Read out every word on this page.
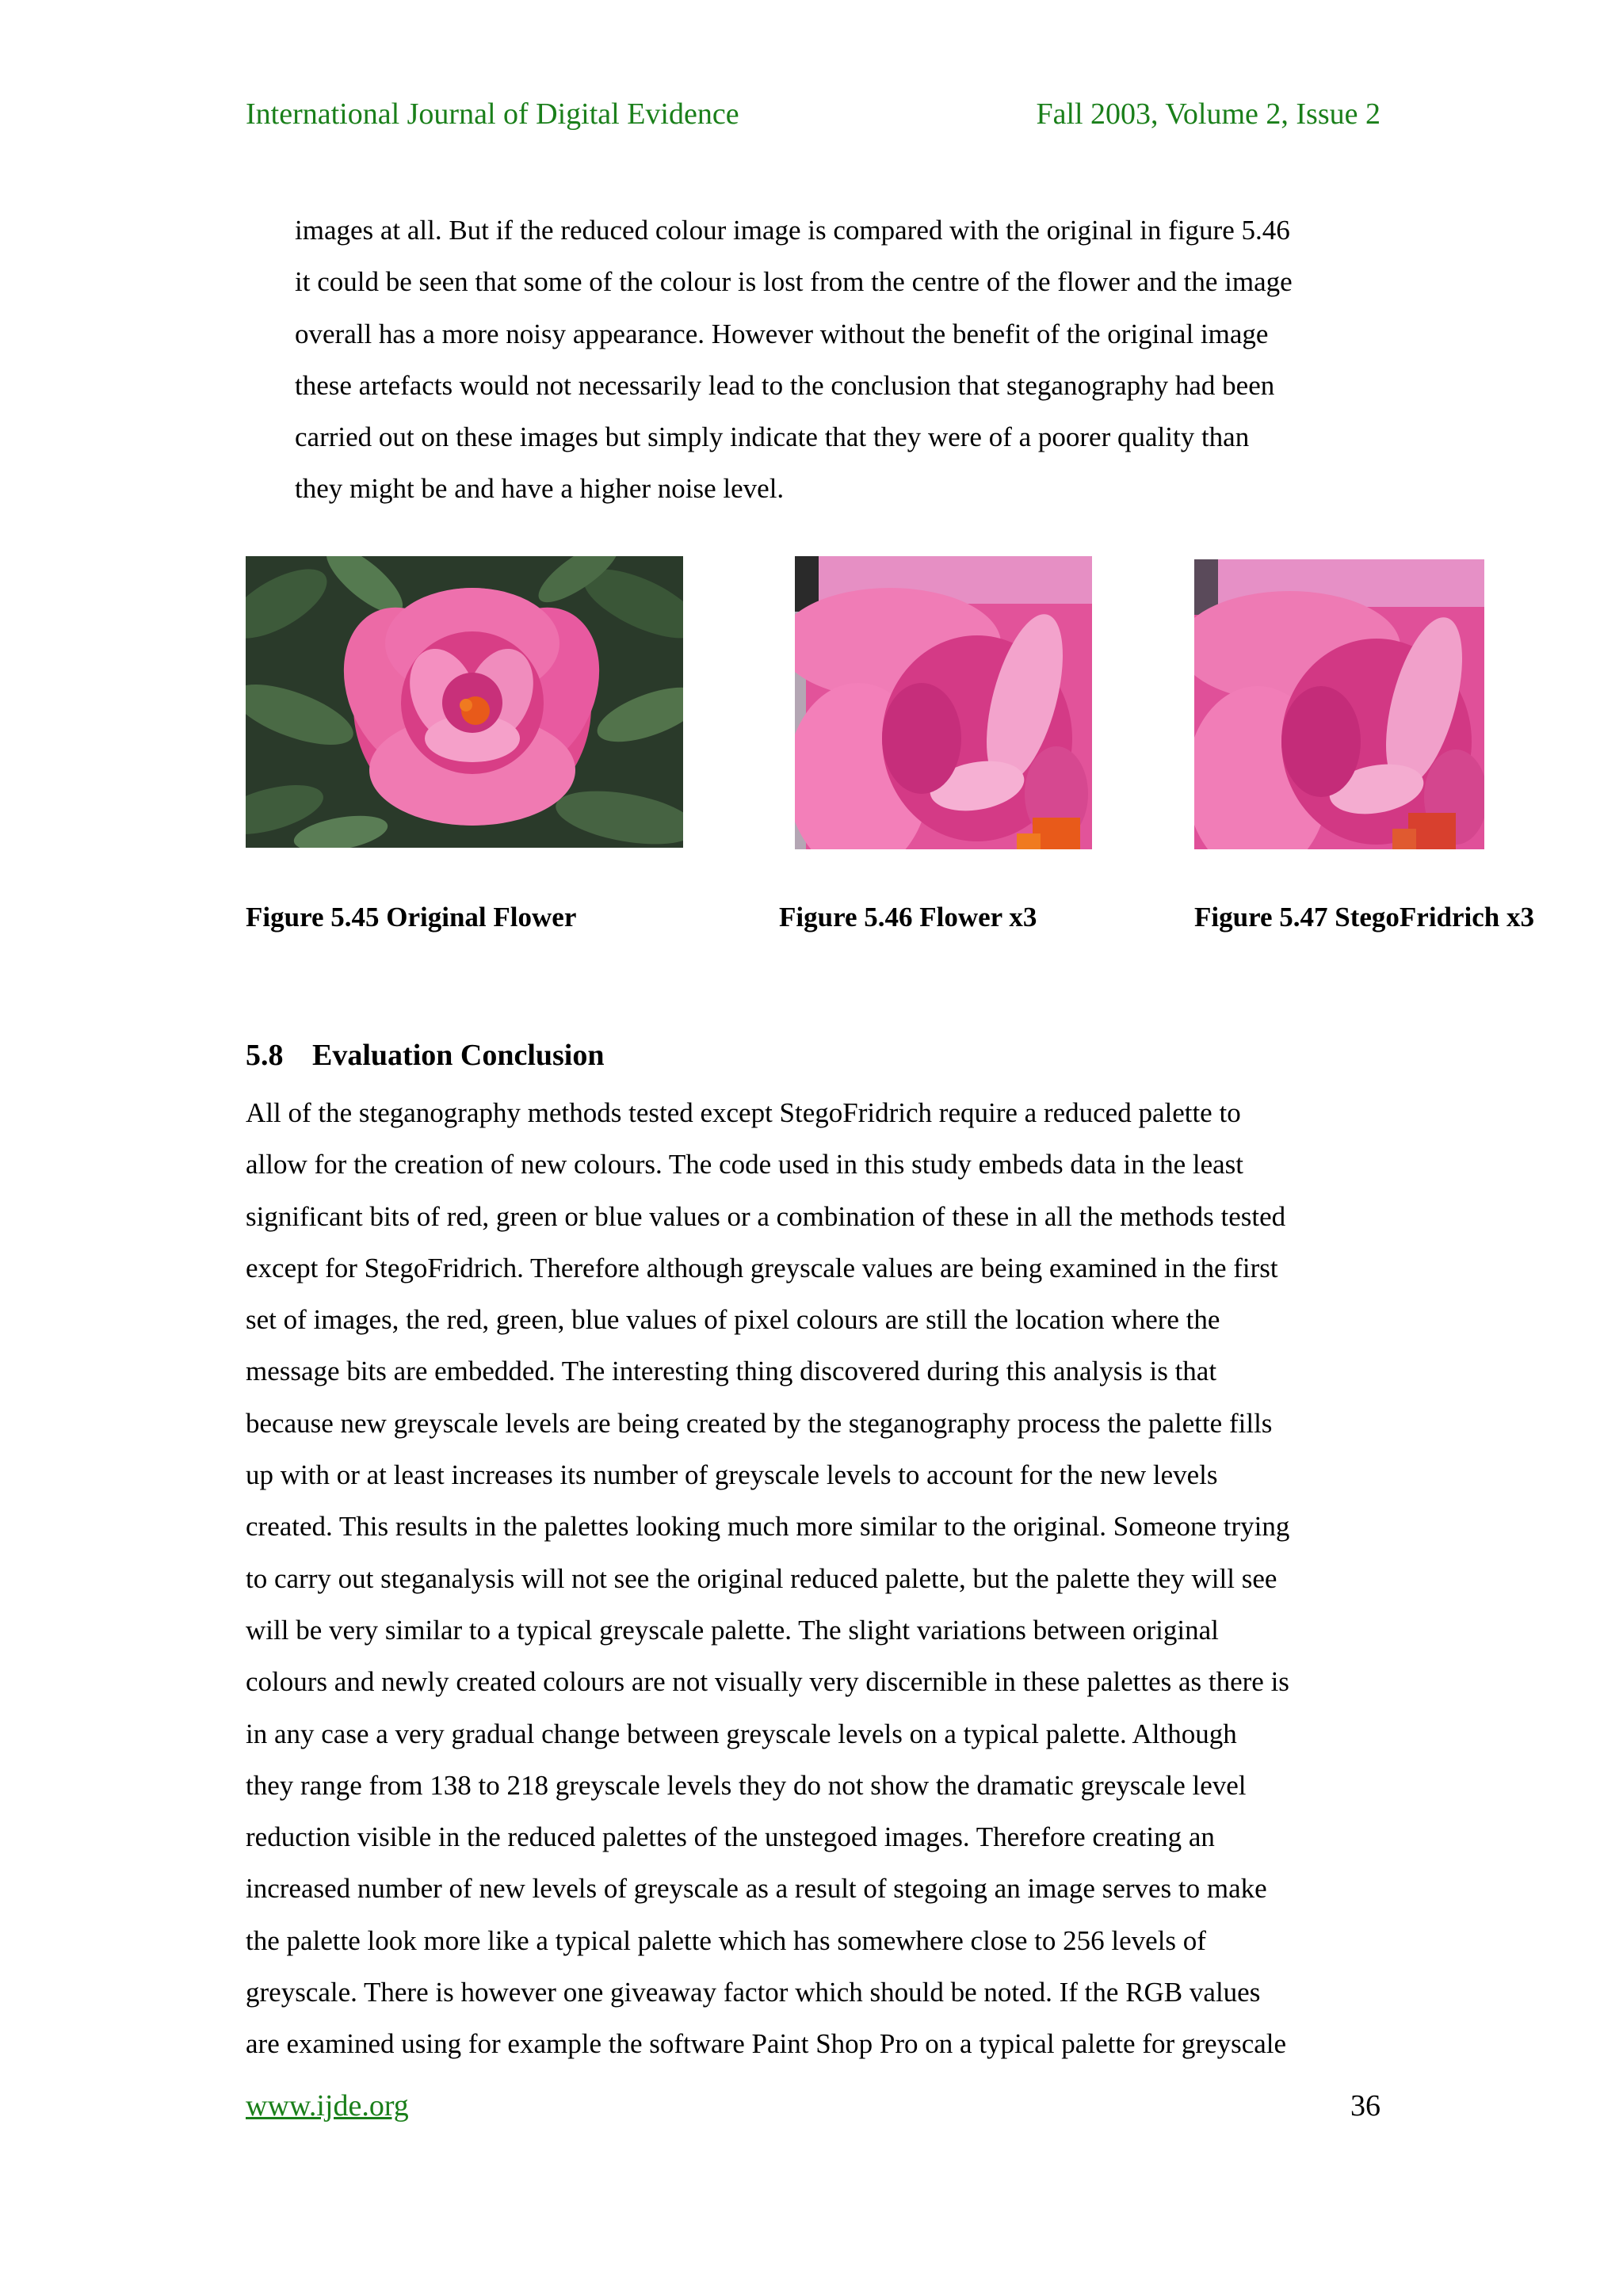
International Journal of Digital Evidence	Fall 2003, Volume 2, Issue 2
images at all. But if the reduced colour image is compared with the original in figure 5.46
it could be seen that some of the colour is lost from the centre of the flower and the image
overall has a more noisy appearance. However without the benefit of the original image
these artefacts would not necessarily lead to the conclusion that steganography had been
carried out on these images but simply indicate that they were of a poorer quality than
they might be and have a higher noise level.
Figure 5.45 Original Flower	Figure 5.46 Flower x3	Figure 5.47 StegoFridrich x3
5.8 Evaluation Conclusion
All of the steganography methods tested except StegoFridrich require a reduced palette to
allow for the creation of new colours. The code used in this study embeds data in the least
significant bits of red, green or blue values or a combination of these in all the methods tested
except for StegoFridrich. Therefore although greyscale values are being examined in the first
set of images, the red, green, blue values of pixel colours are still the location where the
message bits are embedded. The interesting thing discovered during this analysis is that
because new greyscale levels are being created by the steganography process the palette fills
up with or at least increases its number of greyscale levels to account for the new levels
created. This results in the palettes looking much more similar to the original. Someone trying
to carry out steganalysis will not see the original reduced palette, but the palette they will see
will be very similar to a typical greyscale palette. The slight variations between original
colours and newly created colours are not visually very discernible in these palettes as there is
in any case a very gradual change between greyscale levels on a typical palette. Although
they range from 138 to 218 greyscale levels they do not show the dramatic greyscale level
reduction visible in the reduced palettes of the unstegoed images. Therefore creating an
increased number of new levels of greyscale as a result of stegoing an image serves to make
the palette look more like a typical palette which has somewhere close to 256 levels of
greyscale. There is however one giveaway factor which should be noted. If the RGB values
are examined using for example the software Paint Shop Pro on a typical palette for greyscale
www.ijde.org	36
